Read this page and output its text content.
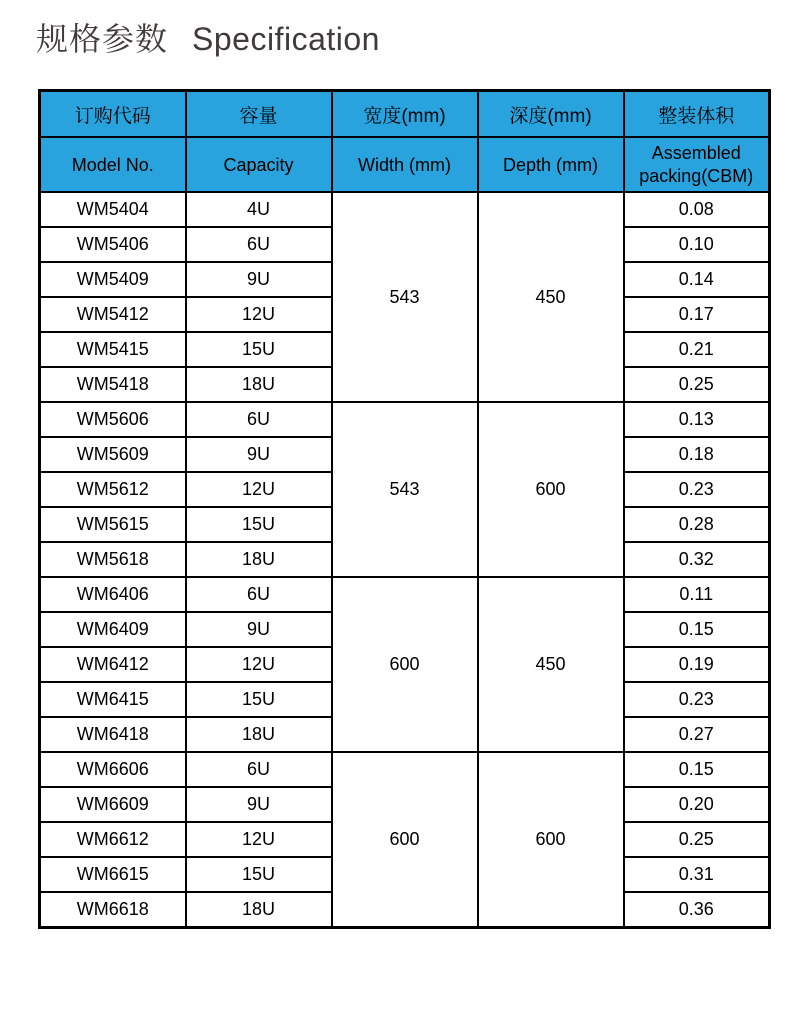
规格参数 Specification
订购代码	容量	宽度(mm)	深度(mm)	整装体积
Model No.	Capacity	Width (mm)	Depth (mm)	Assembled packing(CBM)
WM5404	4U	543	450	0.08
WM5406	6U			0.10
WM5409	9U			0.14
WM5412	12U			0.17
WM5415	15U			0.21
WM5418	18U			0.25
WM5606	6U	543	600	0.13
WM5609	9U			0.18
WM5612	12U			0.23
WM5615	15U			0.28
WM5618	18U			0.32
WM6406	6U	600	450	0.11
WM6409	9U			0.15
WM6412	12U			0.19
WM6415	15U			0.23
WM6418	18U			0.27
WM6606	6U	600	600	0.15
WM6609	9U			0.20
WM6612	12U			0.25
WM6615	15U			0.31
WM6618	18U			0.36
